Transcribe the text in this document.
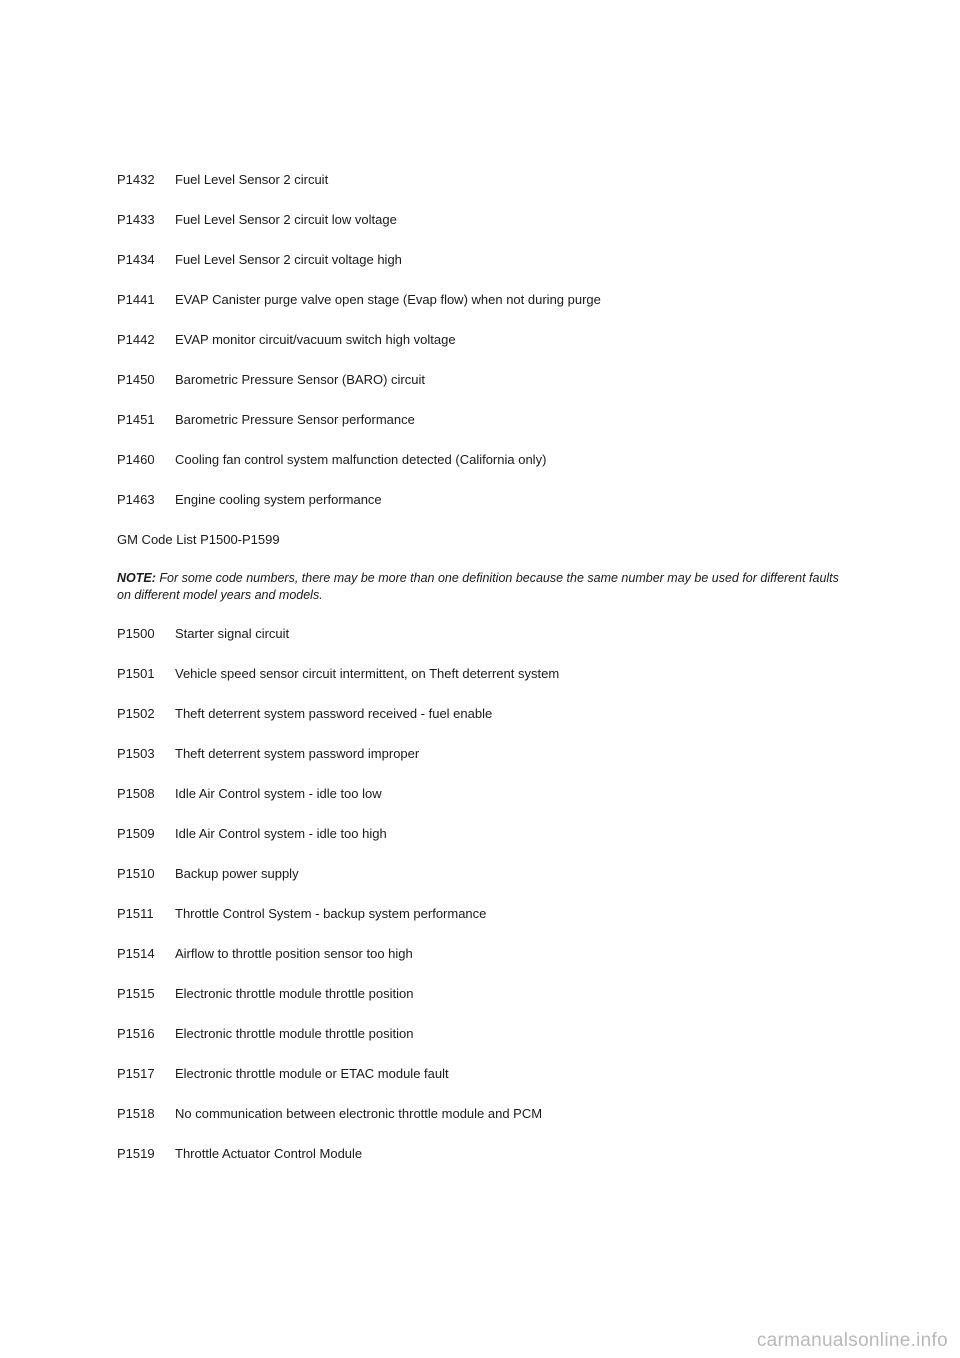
P1432 Fuel Level Sensor 2 circuit
P1433 Fuel Level Sensor 2 circuit low voltage
P1434 Fuel Level Sensor 2 circuit voltage high
P1441 EVAP Canister purge valve open stage (Evap flow) when not during purge
P1442 EVAP monitor circuit/vacuum switch high voltage
P1450 Barometric Pressure Sensor (BARO) circuit
P1451 Barometric Pressure Sensor performance
P1460 Cooling fan control system malfunction detected (California only)
P1463 Engine cooling system performance
GM Code List P1500-P1599
NOTE: For some code numbers, there may be more than one definition because the same number may be used for different faults on different model years and models.
P1500 Starter signal circuit
P1501 Vehicle speed sensor circuit intermittent, on Theft deterrent system
P1502 Theft deterrent system password received - fuel enable
P1503 Theft deterrent system password improper
P1508 Idle Air Control system - idle too low
P1509 Idle Air Control system - idle too high
P1510 Backup power supply
P1511 Throttle Control System - backup system performance
P1514 Airflow to throttle position sensor too high
P1515 Electronic throttle module throttle position
P1516 Electronic throttle module throttle position
P1517 Electronic throttle module or ETAC module fault
P1518 No communication between electronic throttle module and PCM
P1519 Throttle Actuator Control Module
carmanualsonline.info
